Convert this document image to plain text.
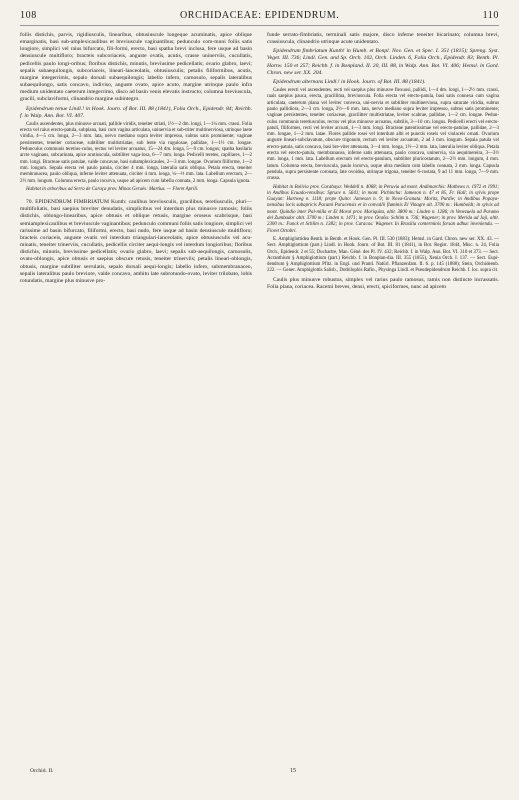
108	ORCHIDACEAE: EPIDENDRUM.	110

foliis distichis, parvis, rigidiusculis, linearibus, obtusiuscule longeque acuminatis, apice oblique emarginatis, basi sub-amplexicaulibus et breviuscule vaginantibus; pedunculo com-muni foliis satis longiore, simplici vel raius bifurcato, fili-formi, erecto, basi spatha brevi inclusa, fere usque ad basin densiuscule multifloro; bracteis subcoriaceis, anguste ovatis, acutis, crasse uninerviis, cucullatis, pedicellis paulo longi-oribus; floribus distichis, minutis, breviusime pedicellatis; ovario glabro, laevi; sepalis subaequilongis, subcoriaceis, lineari-lanceolatis, obtusiusculis; petalis filiformibus, acutis, margine integerrimis, sepalo dorsali subaequilongis; labello infero, carnosulo, sepalis lateralibus subaequilongo, satis concavo, indiviso, anguste ovato, apice acuto, margine utrinque paulo infra medium unidentato caeterum integerrimo, disco ad basin venis elevatis instructo; columna breviuscula, gracili, subclaviformi, clinandrio margine subintegro.

Epidendrum tenue Lindl.! in Hook. Journ. of Bot. III. 88 (1841), Folia Orch., Epidendr. 84; Reichb. f. in Walp. Ann. Bot. VI. 407.

Caulis ascendentes, plus minusve arcuati, pallide viridis, teneiter striati, 1½—2 dm. longi, 1—1¼ mm. crassi. Folia erecta vel raius erecto-patula, subplana, basi cum vagina articulata, uninervia et sub-triter multinerviosa, utrinque laete viridia, 4—5 cm. longa, 2—3 mm. lata, nervo mediano supra leviter impresso, subtus satis prominente; vaginae persistentes, teneiter coriaceae, subtiliter multistriatae, sub lente via rugulosae, pallidae, 1—1½ cm. longae. Pedunculus communis teretius-culus, rectus vel leviter arcuatus, 15—24 dm. longa, 5—9 cm. longus; spatha basilaris arcte vaginans, subcarinata, apice acutiuscula, subtiliter vaga-losa, 6—7 mm. longa. Pedicelli teretes, capillares, 1—2 mm. longi. Bracteae satis patulae, valde concavae, basi subamplexicaules, 2—3 mm. longae. Ovarium filiforme, 1—2 mm. longum. Sepala erecta vel paulo patula, circiter 4 mm. longa, lateralia satis obliqua. Petala erecta, teneiter membranacea, paulo obliqua, inferne leviter attenuata, circiter 4 mm. longa, ¼—⅓ mm. lata. Labellum erectum, 2—2½ mm. longum. Columna erecta, paulo incurva, usque ad apicem cum labello connata, 2 mm. longa. Capsula ignota.

Habitat in arboribus ad Serra de Caraça prov. Minas Geraës: Martius. — Floret Aprili.

70. EPIDENDRUM FIMBRIATUM Kunth: caulibus breviusculis, gracilibus, teretiusculis, pluri—multifoliatis, basi saepius breviter denudatis, simplicibus vel interdum plus minusve ramosis; foliis distichis, oblongo-linearibus, apice obtusis et oblique retusis, margine eroseus scabrisque, basi semiamplexicaulibus et breviuscule vaginantibus; pedunculo communi foliis satis longiore, simplici vel rarissime ad basin bifurcato, filiformi, erecto, basi nudo, fere usque ad basin densiuscule multifloro; bracteis coriaceis, anguste ovatis vel interdum triangulari-lanceolatis, apice obtusiusculis vel acu-minatis, teneiter trinerviis, cucullatis, pedicellis circiter aequi-longis vel interdum longioribus; floribus distichis, minutis, brevissime pedicellatis; ovario glabro, laevi; sepalis sub-aequilongis, carnosulis, ovato-oblongis, apice obtusis et saepius obscure retusis, teneiter trinerviis; petalis lineari-oblongis, obtusis, margine subtiliter serrulatis, sepalo dorsali aequi-longis; labello infero, submembranaceo, sepalis lateralibus paulo breviore, valde concavo, ambitu late subrotundo-ovato, leviter trilobato, lobis rotundatis, margine plus minusve pro-

funde serrato-fimbriatis, terminali satis majore, disco inferne teneiter bicarinato; columna brevi, crassiuscula, clinandrio utrinque acute unidentato.

Epidendrum fimbriatum Kunth! in Humb. et Bonpl. Nov. Gen. et Spec. I. 351 (1815); Spreng. Syst. Veget. III. 736; Lindl. Gen. and Sp. Orch. 102, Orch. Linden. 6, Folia Orch., Epidendr. 83; Benth. Pl. Hartw. 150 et 257; Reichb. f. in Bonpland. II. 20, III. 88, in Walp. Ann. Bot. VI. 406; Hemsl. in Gard. Chron. new ser. XX. 204.

Epidendrum alternans Lindl.! in Hook. Journ. of Bot. III. 88 (1841).

Caules erecti vel ascendentes, recti vel saepius plus minusve flexuosi, pallidi, 1—4 dm. longi, 1—2½ mm. crassi, raais saepius pauca, erecta, gracillima, breviuscula. Folia erecta vel erecto-patula, basi satis connexa cum vagina articulata, caeterum plana vel leviter convexa, uni-nervia et subtiliter multinerviosa, supra saturate viridia, subtus paulo pallidiora, 2—3 cm. longa, 2½—6 mm. lata, nervo mediano supra leviter impresso, subtus satis prominente; vaginae persistentes, teneiter coriaceae, gracilitter multistriatae, leviter scabrae, pallidae, 1—2 cm. longae. Pedun-culus communis teretiusculus, rectus vel plus minusve arcuatus, subtilis, 3—10 cm. longus. Pedicelli erecti vel erecto-patuli, filiformes, recti vel leviter arcuati, 1—3 mm. longi. Bracteae patentissimae vel erecto-patulae, pallidae, 2—3 mm. longae, 1—2 mm. latae. Flores pallide rosei vel interdum albi et punctis roseis vel violaceis ornati. Ovarium anguste lineari-subclavatum, obscure trigonum, rectum vel leviter arcuatum, 2 ad 3 mm. longum. Sepala patula vel erecto-patula, satis concava, basi bre-viter attenuata, 3—4 mm. longa, 1½—2 mm. lata, lateralia leviter obliqua. Petala erecta vel erecto-patula, membranacea, inferne satis attenuata, paulo concava, uninervia, via aequimereira, 3—3½ mm. longa, 1 mm. lata. Labellum erectum vel erecto-patulum, subtiliter pluricostatum, 2—2½ mm. longum, 4 mm. latum. Columna erecta, breviuscula, paulo incurva, usque ultra medium cum labello connata, 2 mm. longa. Capsula pendula, supra persistente coronata, late ovoidea, utrinque trigona, teneiter 6-costata, 9 ad 11 mm. longa, 7—9 mm. crassa.

Habitat in Bolivia prov. Carabaya: Weddell n. 4068; in Peruvia ad mont. Andimarchis: Mathews n. 1972 et 1991; in Andibus Ecuado-rensibus: Spruce n. 5641; in mont. Pichincha: Jameson n. 47 et 85, Fr. Hall; in sylvis prope Guayan: Hartweg n. 1118; prope Quito: Jameson n. 9; in Nova-Granata: Moritz, Purdie; in Andibus Popaya-nensibus locis subapricis Pacami Paracensis et in convallii fluminis El Vinagre alt. 3700 m.: Humboldt; in sylvis ad mont. Quindio inter Pal-milla et El Moral prov. Mariquita, altit. 3800 m.: Linden n. 1286; in Venezuela ad Paramo del Zumbador altit. 3700 m.: Linden n. 1471; in prov. Ocaña: Schlim n. 736; Wagener; in prov. Merida ad Jajì, altit. 2300 m.: Funck et Schlim n. 1382; in prov. Caracas: Wagener. In Brasilia conterminis forsan adhuc inveniendu. — Floret Octobri.

E. Amphiglottidea Benth. in Benth. et Hook. Gen. Pl. III. 530 (1883); Hemsl. in Gard. Chron. new ser. XX. 43. — Sect. Amphiglottium (part.) Lindl. in Hook. Journ. of Bot. III. 81 (1841), in Bot. Regist. 1844, Misc. n. 24, Folia Orch., Epidendr. 2 et 55; Duchartre, Man. Géné. des Pl. IV. 432; Reichb. f. in Walp. Ann. Bot. VI. 310 et 373. — Sect. Acranthium § Amphiglottium (part.) Reichb. f. in Bonplan-dia. III. 355 (1855), Xenia Orch. I. 137. — Sect. Eupi-dendrum § Amphiglottium Pfitz. in Engl. und Prantl. Natürl. Pflanzenfam. II. 6. p. 145 (1888); Stein, Orchideenb. 222. — Gener. Amphiglottis Salisb., Dothilophis Rafin., Physinga Lindl. et Pseudepidendrum Reichb. f. loc. supra cit.

Caulis plus minusve robustus, simplex vel rarius paulo ramosus, ramis non distincte incrassatis. Folia plana, coriacea. Racemi breves, densi, erecti, spiciformes, nunc ad apicem

Orchid. II.	15
